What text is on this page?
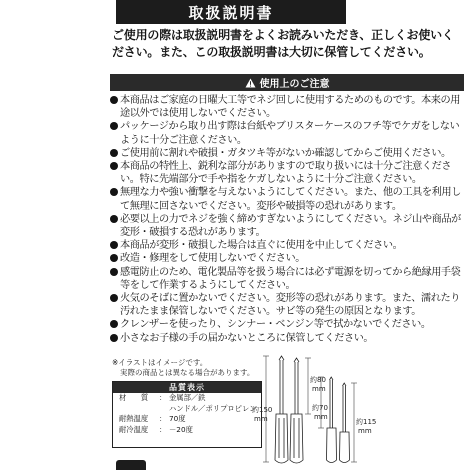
取扱説明書
ご使用の際は取扱説明書をよくお読みいただき、正しくお使いください。また、この取扱説明書は大切に保管してください。
使用上のご注意
本商品はご家庭の日曜大工等でネジ回しに使用するためのものです。本来の用途以外では使用しないでください。
パッケージから取り出す際は台紙やブリスターケースのフチ等でケガをしないように十分ご注意ください。
ご使用前に割れや破損・ガタツキ等がないか確認してからご使用ください。
本商品の特性上、鋭利な部分がありますので取り扱いには十分ご注意ください。特に先端部分で手や指をケガしないように十分ご注意ください。
無理な力や強い衝撃を与えないようにしてください。また、他の工具を利用して無理に回さないでください。変形や破損等の恐れがあります。
必要以上の力でネジを強く締めすぎないようにしてください。ネジ山や商品が変形・破損する恐れがあります。
本商品が変形・破損した場合は直ぐに使用を中止してください。
改造・修理をして使用しないでください。
感電防止のため、電化製品等を扱う場合には必ず電源を切ってから絶縁用手袋等をして作業するようにしてください。
火気のそばに置かないでください。変形等の恐れがあります。また、濡れたり汚れたまま保管しないでください。サビ等の発生の原因となります。
クレンザーを使ったり、シンナー・ベンジン等で拭かないでください。
小さなお子様の手の届かないところに保管してください。
※イラストはイメージです。
実際の商品とは異なる場合があります。
品質表示
材　　質	： 金属部／鉄
ハンドル／ポリプロピレン
耐熱温度	： 70度
耐冷温度	： －20度
約150
mm
約80
mm
約70
mm
約115
mm
